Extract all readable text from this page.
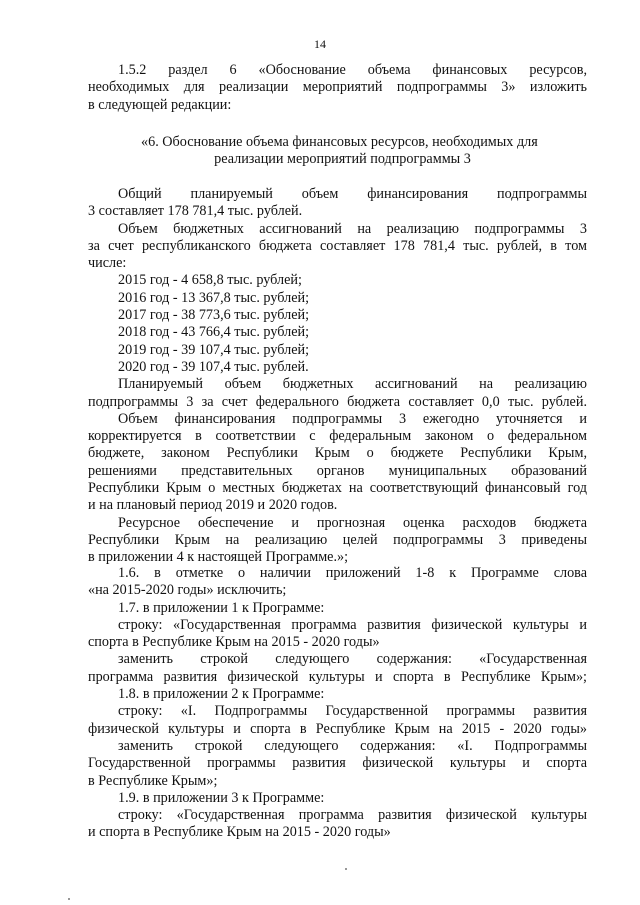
14
1.5.2 раздел 6 «Обоснование объема финансовых ресурсов,
необходимых для реализации мероприятий подпрограммы 3» изложить
в следующей редакции:
«6. Обоснование объема финансовых ресурсов, необходимых для
реализации мероприятий подпрограммы 3
Общий планируемый объем финансирования подпрограммы
3 составляет 178 781,4 тыс. рублей.
Объем бюджетных ассигнований на реализацию подпрограммы 3
за счет республиканского бюджета составляет 178 781,4 тыс. рублей, в том
числе:
2015 год - 4 658,8 тыс. рублей;
2016 год - 13 367,8 тыс. рублей;
2017 год - 38 773,6 тыс. рублей;
2018 год - 43 766,4 тыс. рублей;
2019 год - 39 107,4 тыс. рублей;
2020 год - 39 107,4 тыс. рублей.
Планируемый объем бюджетных ассигнований на реализацию
подпрограммы 3 за счет федерального бюджета составляет 0,0 тыс. рублей.
Объем финансирования подпрограммы 3 ежегодно уточняется и
корректируется в соответствии с федеральным законом о федеральном
бюджете, законом Республики Крым о бюджете Республики Крым,
решениями представительных органов муниципальных образований
Республики Крым о местных бюджетах на соответствующий финансовый год
и на плановый период 2019 и 2020 годов.
Ресурсное обеспечение и прогнозная оценка расходов бюджета
Республики Крым на реализацию целей подпрограммы 3 приведены
в приложении 4 к настоящей Программе.»;
1.6. в отметке о наличии приложений 1-8 к Программе слова
«на 2015-2020 годы» исключить;
1.7. в приложении 1 к Программе:
строку: «Государственная программа развития физической культуры и
спорта в Республике Крым на 2015 - 2020 годы»
заменить строкой следующего содержания: «Государственная
программа развития физической культуры и спорта в Республике Крым»;
1.8. в приложении 2 к Программе:
строку: «I. Подпрограммы Государственной программы развития
физической культуры и спорта в Республике Крым на 2015 - 2020 годы»
заменить строкой следующего содержания: «I. Подпрограммы
Государственной программы развития физической культуры и спорта
в Республике Крым»;
1.9. в приложении 3 к Программе:
строку: «Государственная программа развития физической культуры
и спорта в Республике Крым на 2015 - 2020 годы»
